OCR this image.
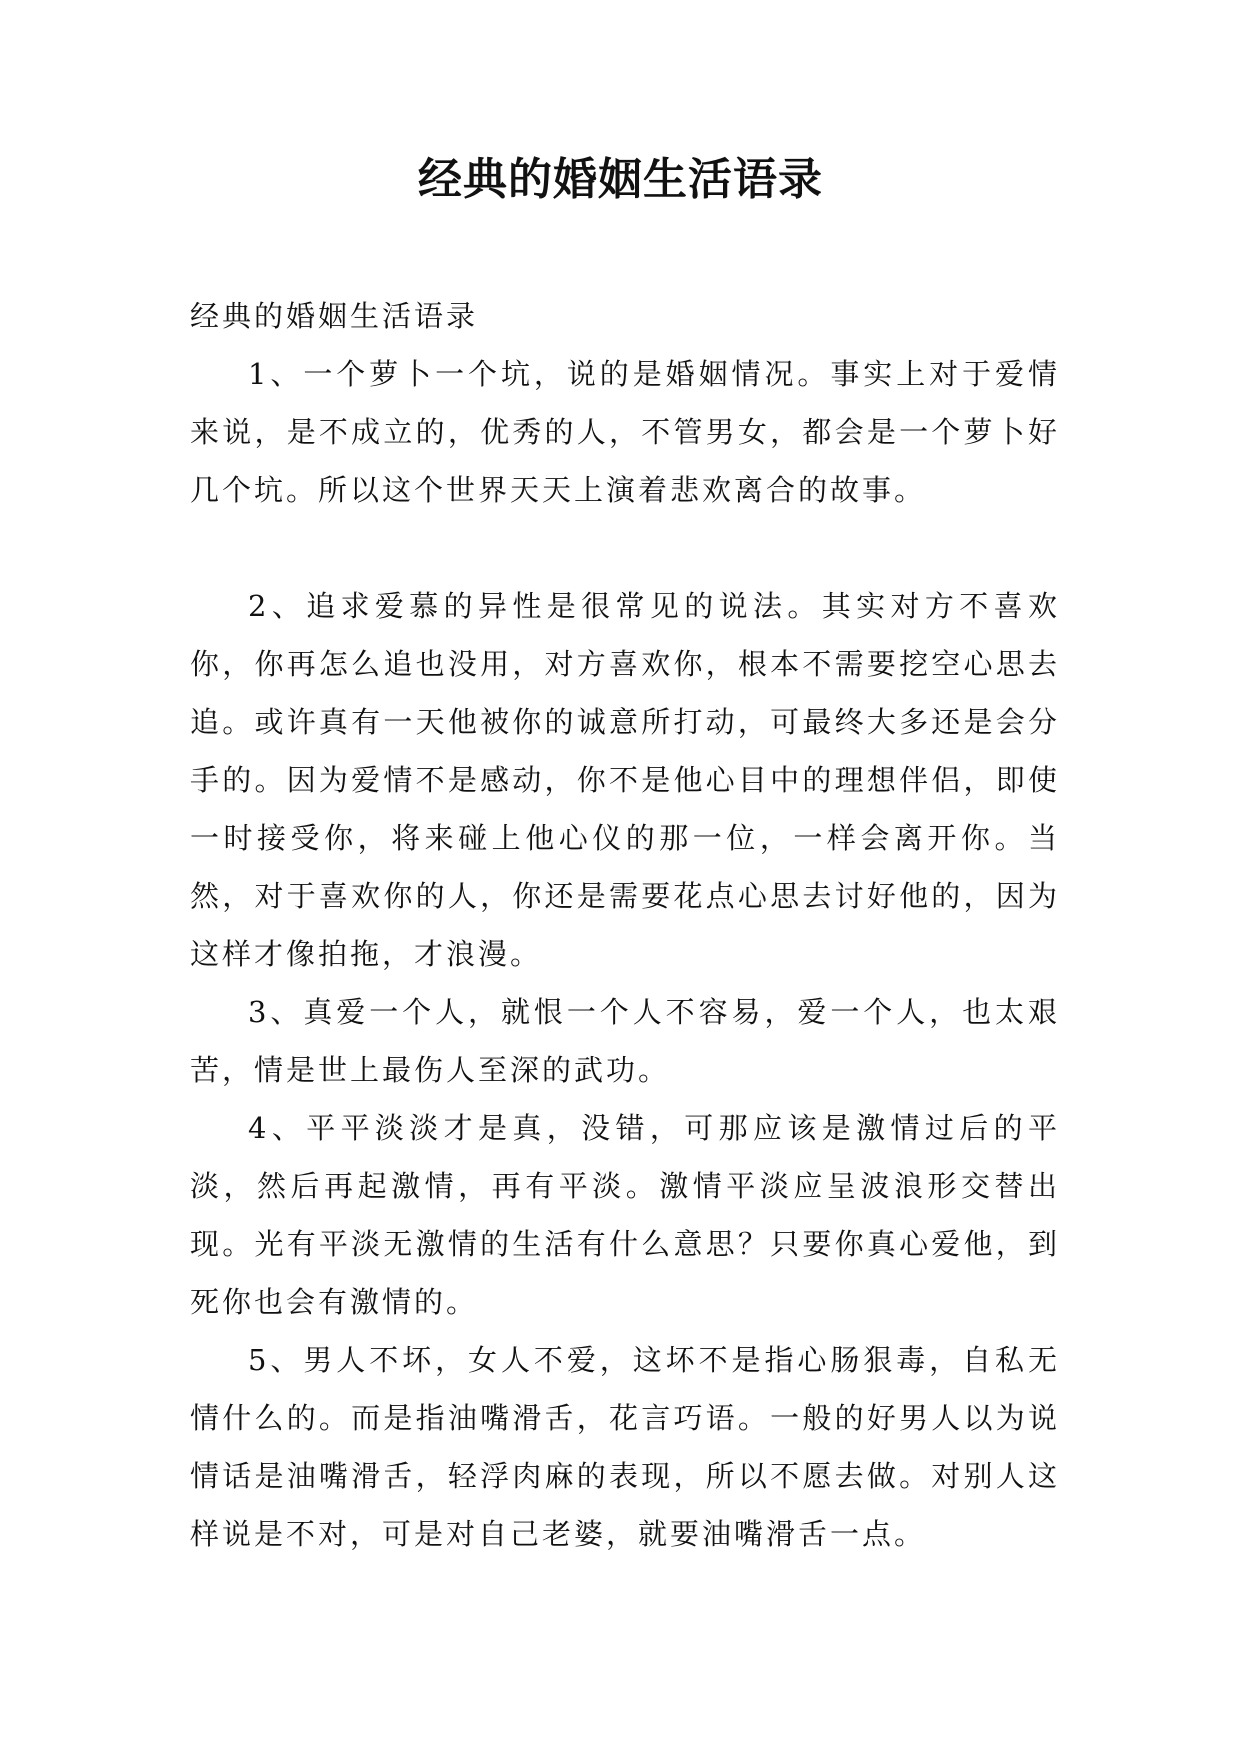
经典的婚姻生活语录

经典的婚姻生活语录

1、一个萝卜一个坑，说的是婚姻情况。事实上对于爱情来说，是不成立的，优秀的人，不管男女，都会是一个萝卜好几个坑。所以这个世界天天上演着悲欢离合的故事。

2、追求爱慕的异性是很常见的说法。其实对方不喜欢你，你再怎么追也没用，对方喜欢你，根本不需要挖空心思去追。或许真有一天他被你的诚意所打动，可最终大多还是会分手的。因为爱情不是感动，你不是他心目中的理想伴侣，即使一时接受你，将来碰上他心仪的那一位，一样会离开你。当然，对于喜欢你的人，你还是需要花点心思去讨好他的，因为这样才像拍拖，才浪漫。

3、真爱一个人，就恨一个人不容易，爱一个人，也太艰苦，情是世上最伤人至深的武功。

4、平平淡淡才是真，没错，可那应该是激情过后的平淡，然后再起激情，再有平淡。激情平淡应呈波浪形交替出现。光有平淡无激情的生活有什么意思？只要你真心爱他，到死你也会有激情的。

5、男人不坏，女人不爱，这坏不是指心肠狠毒，自私无情什么的。而是指油嘴滑舌，花言巧语。一般的好男人以为说情话是油嘴滑舌，轻浮肉麻的表现，所以不愿去做。对别人这样说是不对，可是对自己老婆，就要油嘴滑舌一点。
